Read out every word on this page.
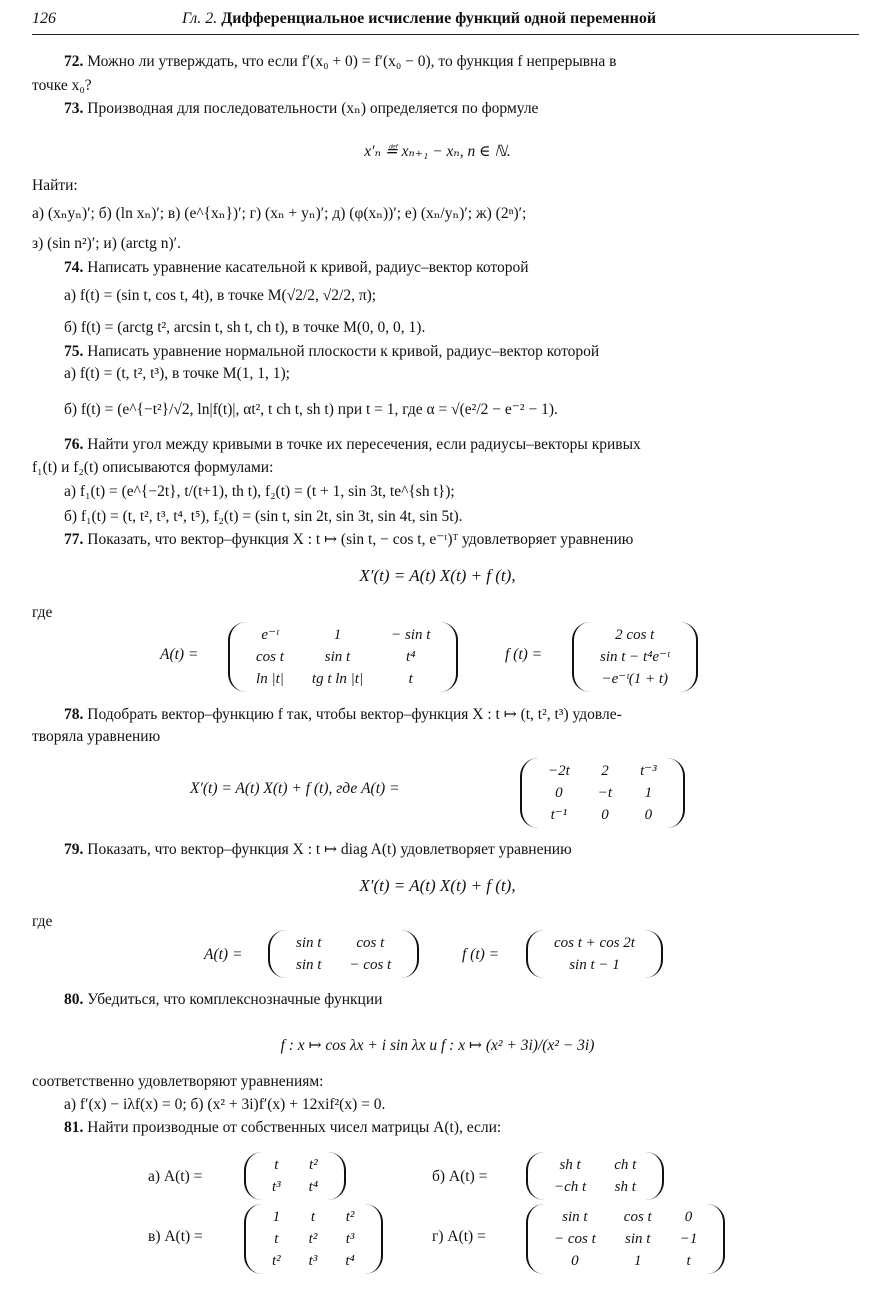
126	Гл. 2. Дифференциальное исчисление функций одной переменной
72. Можно ли утверждать, что если f′(x₀ + 0) = f′(x₀ − 0), то функция f непрерывна в
точке x₀?
73. Производная для последовательности (xₙ) определяется по формуле
x′ₙ ≝ xₙ₊₁ − xₙ, n ∈ ℕ.
Найти:
а) (xₙyₙ)′; б) (ln xₙ)′; в) (e^{xₙ})′; г) (xₙ + yₙ)′; д) (φ(xₙ))′; е) (xₙ/yₙ)′; ж) (2ⁿ)′;
з) (sin n²)′; и) (arctg n)′.
74. Написать уравнение касательной к кривой, радиус–вектор которой
а) f(t) = (sin t, cos t, 4t), в точке M(√2/2, √2/2, π);
б) f(t) = (arctg t², arcsin t, sh t, ch t), в точке M(0, 0, 0, 1).
75. Написать уравнение нормальной плоскости к кривой, радиус–вектор которой
а) f(t) = (t, t², t³), в точке M(1, 1, 1);
б) f(t) = (e^{−t²}/√2, ln|f(t)|, αt², t ch t, sh t) при t = 1, где α = √(e²/2 − e⁻² − 1).
76. Найти угол между кривыми в точке их пересечения, если радиусы–векторы кривых
f₁(t) и f₂(t) описываются формулами:
а) f₁(t) = (e^{−2t}, t/(t+1), th t), f₂(t) = (t + 1, sin 3t, te^{sh t});
б) f₁(t) = (t, t², t³, t⁴, t⁵), f₂(t) = (sin t, sin 2t, sin 3t, sin 4t, sin 5t).
77. Показать, что вектор–функция X : t ↦ (sin t, − cos t, e⁻ᵗ)ᵀ удовлетворяет уравнению
X′(t) = A(t) X(t) + f (t),
где
A(t) =
e⁻ᵗ	1	− sin t
cos t	sin t	t⁴
ln |t|	tg t ln |t|	t
f (t) =
2 cos t
sin t − t⁴e⁻ᵗ
−e⁻ᵗ(1 + t)
78. Подобрать вектор–функцию f так, чтобы вектор–функция X : t ↦ (t, t², t³) удовле-
творяла уравнению
X′(t) = A(t) X(t) + f (t), где A(t) =
−2t	2	t⁻³
0	−t	1
t⁻¹	0	0
79. Показать, что вектор–функция X : t ↦ diag A(t) удовлетворяет уравнению
X′(t) = A(t) X(t) + f (t),
где
A(t) =
sin t	cos t
sin t	− cos t
f (t) =
cos t + cos 2t
sin t − 1
80. Убедиться, что комплекснозначные функции
f : x ↦ cos λx + i sin λx и f : x ↦ (x² + 3i)/(x² − 3i)
соответственно удовлетворяют уравнениям:
а) f′(x) − iλf(x) = 0; б) (x² + 3i)f′(x) + 12xif²(x) = 0.
81. Найти производные от собственных чисел матрицы A(t), если:
а) A(t) =
t	t²
t³	t⁴
б) A(t) =
sh t	ch t
−ch t	sh t
в) A(t) =
1	t	t²
t	t²	t³
t²	t³	t⁴
г) A(t) =
sin t	cos t	0
− cos t	sin t	−1
0	1	t
